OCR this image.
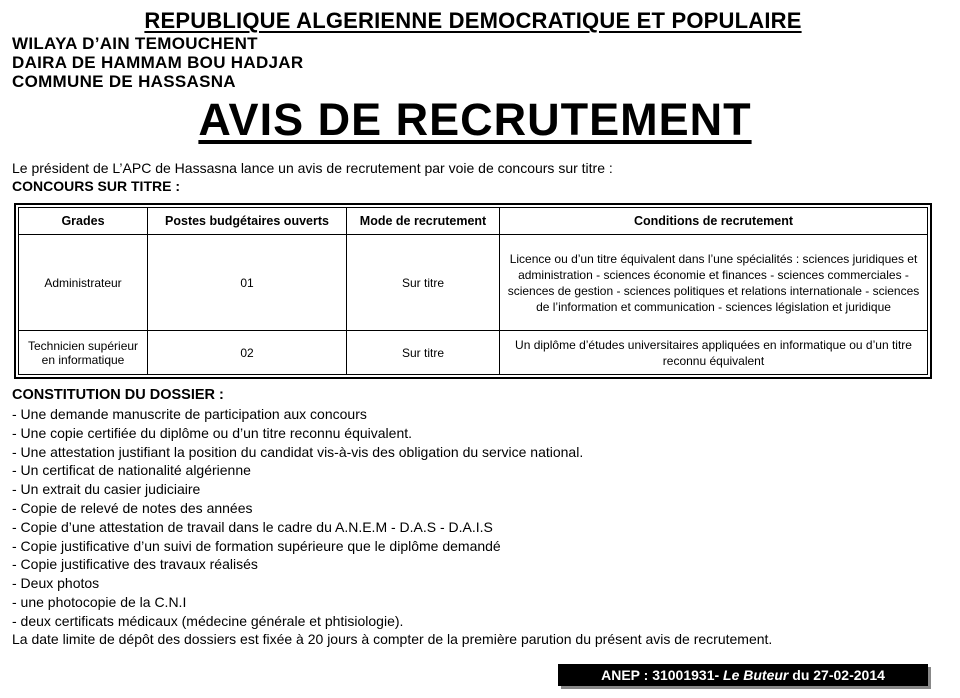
REPUBLIQUE ALGERIENNE DEMOCRATIQUE ET POPULAIRE
WILAYA D’AIN TEMOUCHENT
DAIRA DE HAMMAM BOU HADJAR
COMMUNE DE HASSASNA
AVIS DE RECRUTEMENT
Le président de L’APC de Hassasna lance un avis de recrutement par voie de concours sur titre :
CONCOURS SUR TITRE :
Grades	Postes budgétaires ouverts	Mode de recrutement	Conditions de recrutement
Administrateur	01	Sur titre	Licence ou d’un titre équivalent dans l’une spécialités : sciences juridiques et administration - sciences économie et finances - sciences commerciales -sciences de gestion - sciences politiques et relations internationale - sciences de l’information et communication - sciences législation et juridique
Technicien supérieur en informatique	02	Sur titre	Un diplôme d’études universitaires appliquées en informatique ou d’un titre reconnu équivalent
CONSTITUTION DU DOSSIER :
- Une demande manuscrite de participation aux concours
- Une copie certifiée du diplôme ou d’un titre reconnu équivalent.
- Une attestation justifiant la position du candidat vis-à-vis des obligation du service national.
- Un certificat de nationalité algérienne
- Un extrait du casier judiciaire
- Copie de relevé de notes des années
- Copie d’une attestation de travail dans le cadre du A.N.E.M - D.A.S - D.A.I.S
- Copie justificative d’un suivi de formation supérieure que le diplôme demandé
- Copie justificative des travaux réalisés
- Deux photos
- une photocopie de la C.N.I
- deux certificats médicaux (médecine générale et phtisiologie).
La date limite de dépôt des dossiers est fixée à 20 jours à compter de la première parution du présent avis de recrutement.
ANEP : 31001931- Le Buteur du 27-02-2014
